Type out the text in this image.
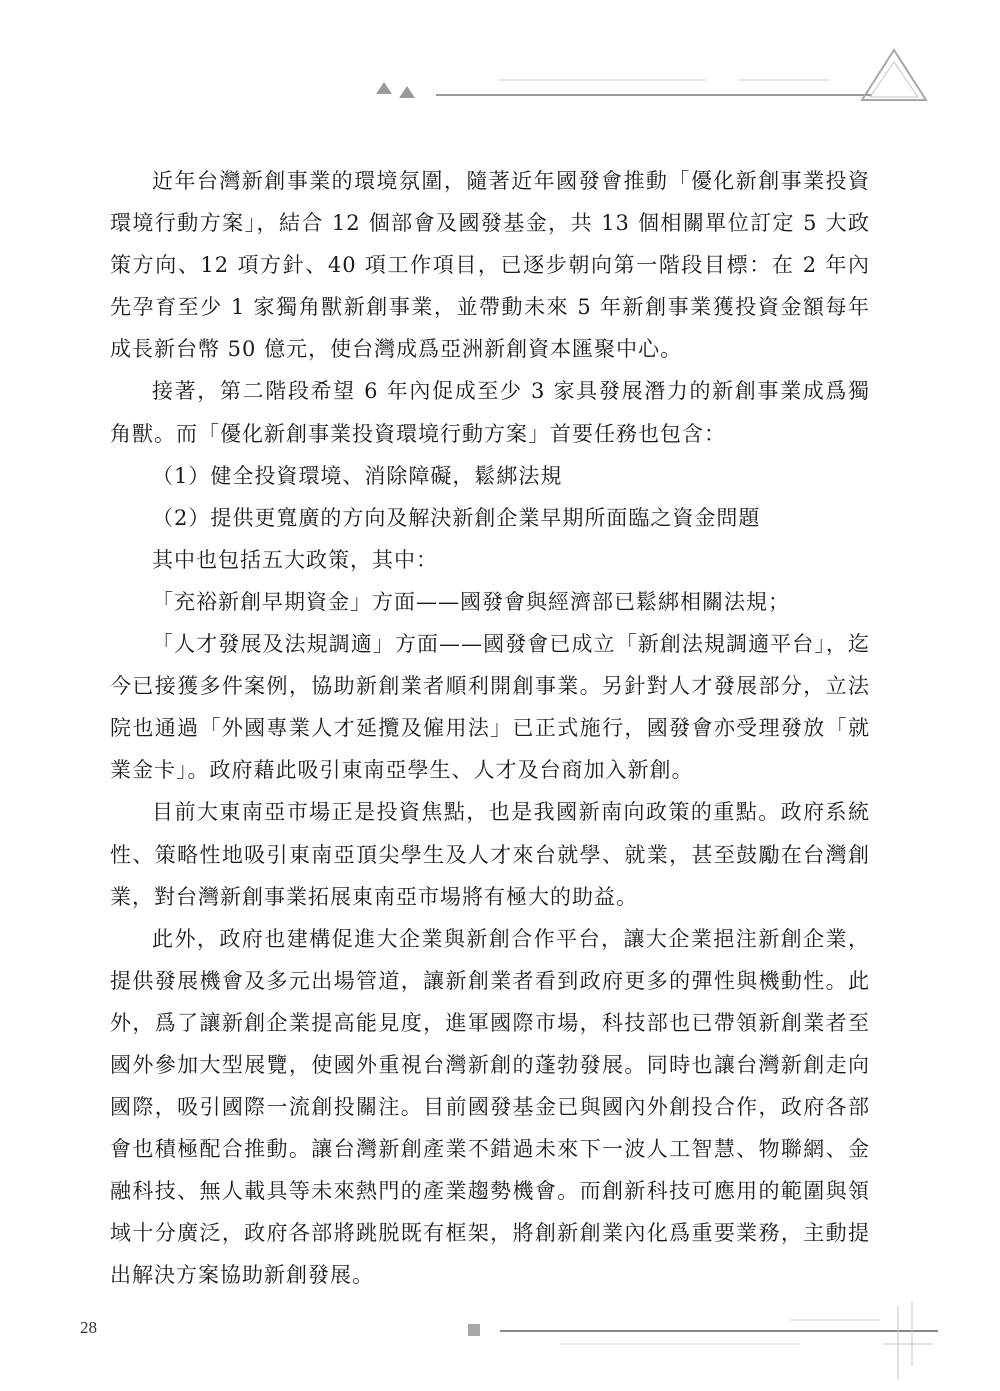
近年台灣新創事業的環境氛圍，隨著近年國發會推動「優化新創事業投資環境行動方案」，結合 12 個部會及國發基金，共 13 個相關單位訂定 5 大政策方向、12 項方針、40 項工作項目，已逐步朝向第一階段目標：在 2 年內先孕育至少 1 家獨角獸新創事業，並帶動未來 5 年新創事業獲投資金額每年成長新台幣 50 億元，使台灣成爲亞洲新創資本匯聚中心。

接著，第二階段希望 6 年內促成至少 3 家具發展潛力的新創事業成爲獨角獸。而「優化新創事業投資環境行動方案」首要任務也包含：

（1）健全投資環境、消除障礙，鬆綁法規

（2）提供更寬廣的方向及解決新創企業早期所面臨之資金問題

其中也包括五大政策，其中：

「充裕新創早期資金」方面——國發會與經濟部已鬆綁相關法規；

「人才發展及法規調適」方面——國發會已成立「新創法規調適平台」，迄今已接獲多件案例，協助新創業者順利開創事業。另針對人才發展部分，立法院也通過「外國專業人才延攬及僱用法」已正式施行，國發會亦受理發放「就業金卡」。政府藉此吸引東南亞學生、人才及台商加入新創。

目前大東南亞市場正是投資焦點，也是我國新南向政策的重點。政府系統性、策略性地吸引東南亞頂尖學生及人才來台就學、就業，甚至鼓勵在台灣創業，對台灣新創事業拓展東南亞市場將有極大的助益。

此外，政府也建構促進大企業與新創合作平台，讓大企業挹注新創企業，提供發展機會及多元出場管道，讓新創業者看到政府更多的彈性與機動性。此外，爲了讓新創企業提高能見度，進軍國際市場，科技部也已帶領新創業者至國外參加大型展覽，使國外重視台灣新創的蓬勃發展。同時也讓台灣新創走向國際，吸引國際一流創投關注。目前國發基金已與國內外創投合作，政府各部會也積極配合推動。讓台灣新創產業不錯過未來下一波人工智慧、物聯網、金融科技、無人載具等未來熱門的產業趨勢機會。而創新科技可應用的範圍與領域十分廣泛，政府各部將跳脱既有框架，將創新創業內化爲重要業務，主動提出解決方案協助新創發展。

28
